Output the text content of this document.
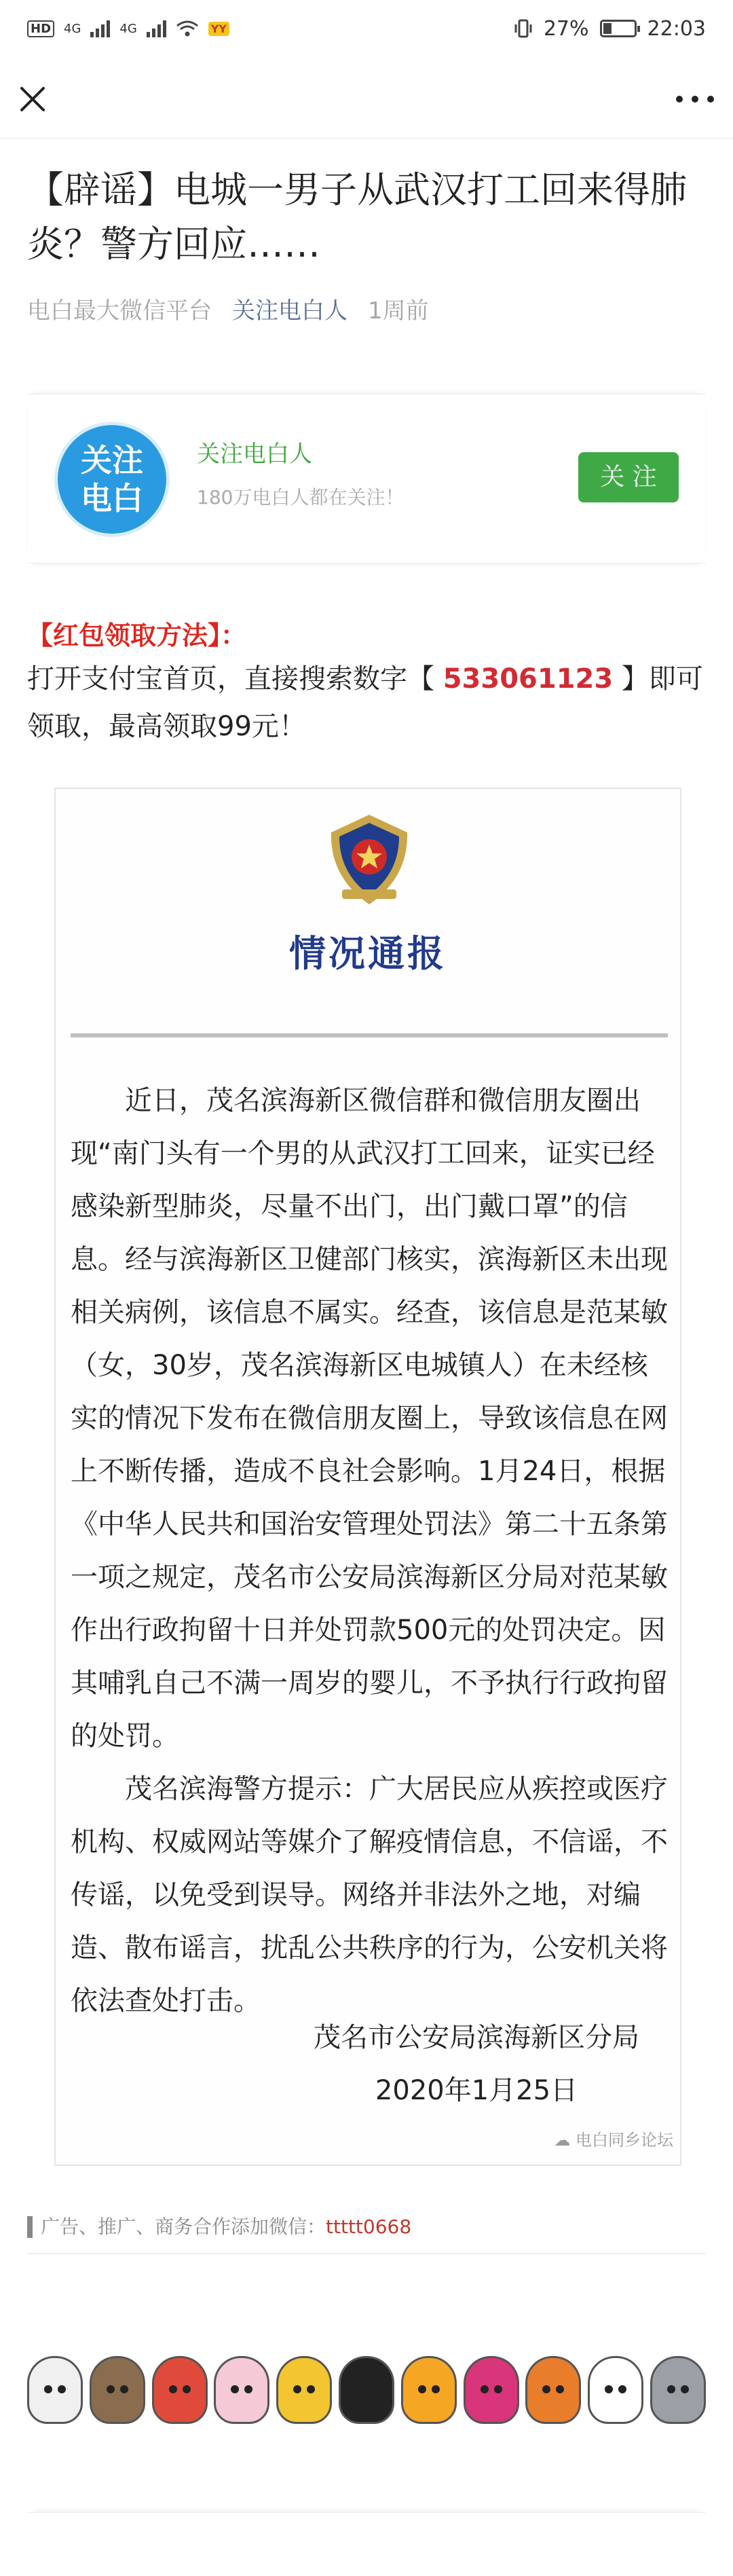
HD 4G	4G	YY	27%	22:03
【辟谣】电城一男子从武汉打工回来得肺炎？警方回应……
电白最大微信平台 关注电白人 1周前
关注
电白
关注电白人
180万电白人都在关注！
关 注
【红包领取方法】：
打开支付宝首页，直接搜索数字【 533061123 】即可领取，最高领取99元！
情况通报

近日，茂名滨海新区微信群和微信朋友圈出现“南门头有一个男的从武汉打工回来，证实已经感染新型肺炎，尽量不出门，出门戴口罩”的信息。经与滨海新区卫健部门核实，滨海新区未出现相关病例，该信息不属实。经查，该信息是范某敏（女，30岁，茂名滨海新区电城镇人）在未经核实的情况下发布在微信朋友圈上，导致该信息在网上不断传播，造成不良社会影响。1月24日，根据《中华人民共和国治安管理处罚法》第二十五条第一项之规定，茂名市公安局滨海新区分局对范某敏作出行政拘留十日并处罚款500元的处罚决定。因其哺乳自己不满一周岁的婴儿，不予执行行政拘留的处罚。

茂名滨海警方提示：广大居民应从疾控或医疗机构、权威网站等媒介了解疫情信息，不信谣，不传谣，以免受到误导。网络并非法外之地，对编造、散布谣言，扰乱公共秩序的行为，公安机关将依法查处打击。

茂名市公安局滨海新区分局
2020年1月25日
☁ 电白同乡论坛
广告、推广、商务合作添加微信：ttttt0668
